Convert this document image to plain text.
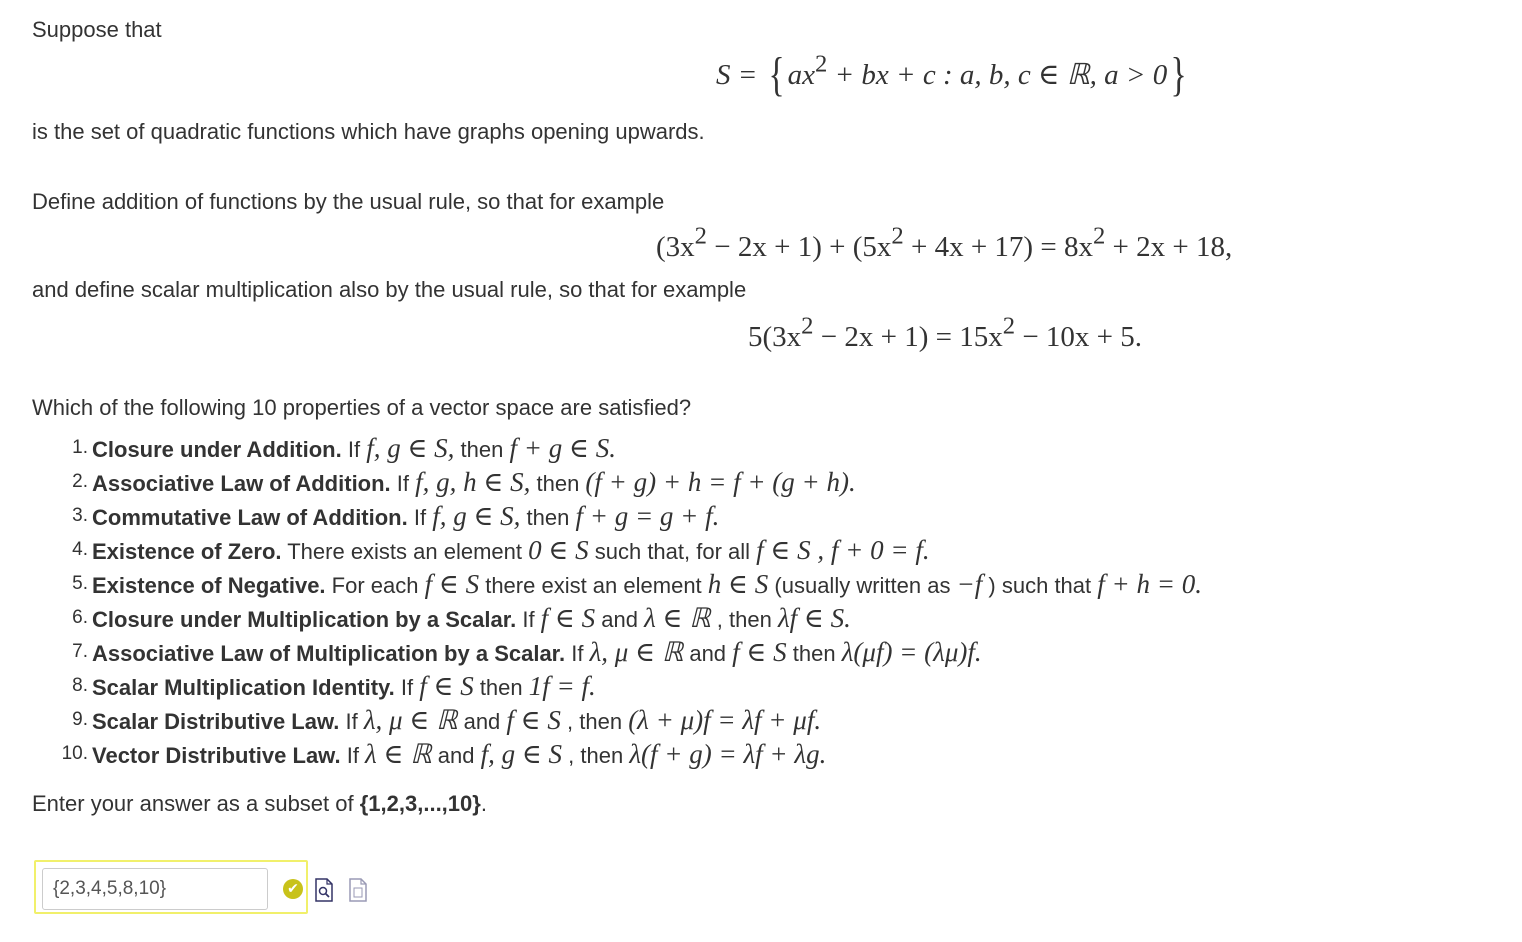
Suppose that
S = { $ax^2$ + bx + c : a, b, c ∈ ℝ, a > 0}
is the set of quadratic functions which have graphs opening upwards.
Define addition of functions by the usual rule, so that for example
$(3x^2 - 2x + 1) + (5x^2 + 4x + 17) = 8x^2 + 2x + 18$,
and define scalar multiplication also by the usual rule, so that for example
$5(3x^2 - 2x + 1) = 15x^2 - 10x + 5$.
Which of the following 10 properties of a vector space are satisfied?
1. Closure under Addition. If f, g ∈ S, then f + g ∈ S.
2. Associative Law of Addition. If f, g, h ∈ S, then (f + g) + h = f + (g + h).
3. Commutative Law of Addition. If f, g ∈ S, then f + g = g + f.
4. Existence of Zero. There exists an element 0 ∈ S such that, for all f ∈ S , f + 0 = f.
5. Existence of Negative. For each f ∈ S there exist an element h ∈ S (usually written as −f ) such that f + h = 0.
6. Closure under Multiplication by a Scalar. If f ∈ S and λ ∈ ℝ , then λf ∈ S.
7. Associative Law of Multiplication by a Scalar. If λ, μ ∈ ℝ and f ∈ S then λ(μf) = (λμ)f.
8. Scalar Multiplication Identity. If f ∈ S then 1f = f.
9. Scalar Distributive Law. If λ, μ ∈ ℝ and f ∈ S , then (λ + μ)f = λf + μf.
10. Vector Distributive Law. If λ ∈ ℝ and f, g ∈ S , then λ(f + g) = λf + λg.
Enter your answer as a subset of {1,2,3,...,10}.
{2,3,4,5,8,10}
✔
